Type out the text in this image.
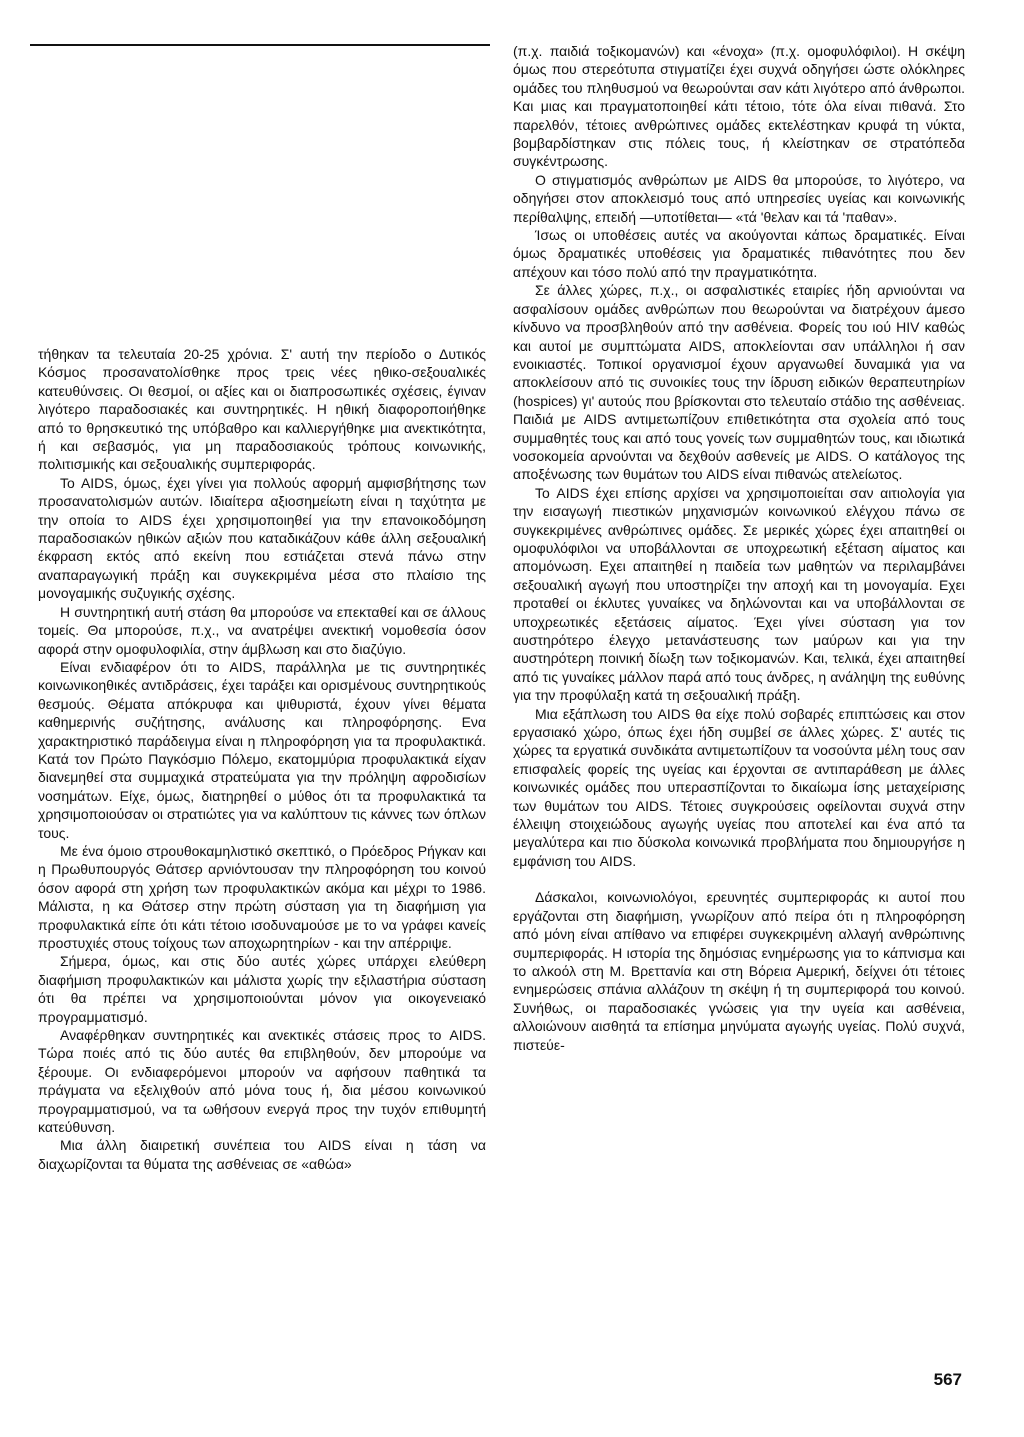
τήθηκαν τα τελευταία 20-25 χρόνια. Σ' αυτή την περίοδο ο Δυτικός Κόσμος προσανατολίσθηκε προς τρεις νέες ηθικο-σεξουαλικές κατευθύνσεις. Οι θεσμοί, οι αξίες και οι διαπροσωπικές σχέσεις, έγιναν λιγότερο παραδοσιακές και συντηρητικές. Η ηθική διαφοροποιήθηκε από το θρησκευτικό της υπόβαθρο και καλλιεργήθηκε μια ανεκτικότητα, ή και σεβασμός, για μη παραδοσιακούς τρόπους κοινωνικής, πολιτισμικής και σεξουαλικής συμπεριφοράς.

Το AIDS, όμως, έχει γίνει για πολλούς αφορμή αμφισβήτησης των προσανατολισμών αυτών. Ιδιαίτερα αξιοσημείωτη είναι η ταχύτητα με την οποία το AIDS έχει χρησιμοποιηθεί για την επανοικοδόμηση παραδοσιακών ηθικών αξιών που καταδικάζουν κάθε άλλη σεξουαλική έκφραση εκτός από εκείνη που εστιάζεται στενά πάνω στην αναπαραγωγική πράξη και συγκεκριμένα μέσα στο πλαίσιο της μονογαμικής συζυγικής σχέσης.

Η συντηρητική αυτή στάση θα μπορούσε να επεκταθεί και σε άλλους τομείς. Θα μπορούσε, π.χ., να ανατρέψει ανεκτική νομοθεσία όσον αφορά στην ομοφυλοφιλία, στην άμβλωση και στο διαζύγιο.

Είναι ενδιαφέρον ότι το AIDS, παράλληλα με τις συντηρητικές κοινωνικοηθικές αντιδράσεις, έχει ταράξει και ορισμένους συντηρητικούς θεσμούς. Θέματα απόκρυφα και ψιθυριστά, έχουν γίνει θέματα καθημερινής συζήτησης, ανάλυσης και πληροφόρησης. Ενα χαρακτηριστικό παράδειγμα είναι η πληροφόρηση για τα προφυλακτικά. Κατά τον Πρώτο Παγκόσμιο Πόλεμο, εκατομμύρια προφυλακτικά είχαν διανεμηθεί στα συμμαχικά στρατεύματα για την πρόληψη αφροδισίων νοσημάτων. Είχε, όμως, διατηρηθεί ο μύθος ότι τα προφυλακτικά τα χρησιμοποιούσαν οι στρατιώτες για να καλύπτουν τις κάννες των όπλων τους.

Με ένα όμοιο στρουθοκαμηλιστικό σκεπτικό, ο Πρόεδρος Ρήγκαν και η Πρωθυπουργός Θάτσερ αρνιόντουσαν την πληροφόρηση του κοινού όσον αφορά στη χρήση των προφυλακτικών ακόμα και μέχρι το 1986. Μάλιστα, η κα Θάτσερ στην πρώτη σύσταση για τη διαφήμιση για προφυλακτικά είπε ότι κάτι τέτοιο ισοδυναμούσε με το να γράφει κανείς προστυχιές στους τοίχους των αποχωρητηρίων - και την απέρριψε.

Σήμερα, όμως, και στις δύο αυτές χώρες υπάρχει ελεύθερη διαφήμιση προφυλακτικών και μάλιστα χωρίς την εξιλαστήρια σύσταση ότι θα πρέπει να χρησιμοποιούνται μόνον για οικογενειακό προγραμματισμό.

Αναφέρθηκαν συντηρητικές και ανεκτικές στάσεις προς το AIDS. Τώρα ποιές από τις δύο αυτές θα επιβληθούν, δεν μπορούμε να ξέρουμε. Οι ενδιαφερόμενοι μπορούν να αφήσουν παθητικά τα πράγματα να εξελιχθούν από μόνα τους ή, δια μέσου κοινωνικού προγραμματισμού, να τα ωθήσουν ενεργά προς την τυχόν επιθυμητή κατεύθυνση.

Μια άλλη διαιρετική συνέπεια του AIDS είναι η τάση να διαχωρίζονται τα θύματα της ασθένειας σε «αθώα»

(π.χ. παιδιά τοξικομανών) και «ένοχα» (π.χ. ομοφυλόφιλοι). Η σκέψη όμως που στερεότυπα στιγματίζει έχει συχνά οδηγήσει ώστε ολόκληρες ομάδες του πληθυσμού να θεωρούνται σαν κάτι λιγότερο από άνθρωποι. Και μιας και πραγματοποιηθεί κάτι τέτοιο, τότε όλα είναι πιθανά. Στο παρελθόν, τέτοιες ανθρώπινες ομάδες εκτελέστηκαν κρυφά τη νύκτα, βομβαρδίστηκαν στις πόλεις τους, ή κλείστηκαν σε στρατόπεδα συγκέντρωσης.

Ο στιγματισμός ανθρώπων με AIDS θα μπορούσε, το λιγότερο, να οδηγήσει στον αποκλεισμό τους από υπηρεσίες υγείας και κοινωνικής περίθαλψης, επειδή —υποτίθεται— «τά 'θελαν και τά 'παθαν».

Ίσως οι υποθέσεις αυτές να ακούγονται κάπως δραματικές. Είναι όμως δραματικές υποθέσεις για δραματικές πιθανότητες που δεν απέχουν και τόσο πολύ από την πραγματικότητα.

Σε άλλες χώρες, π.χ., οι ασφαλιστικές εταιρίες ήδη αρνιούνται να ασφαλίσουν ομάδες ανθρώπων που θεωρούνται να διατρέχουν άμεσο κίνδυνο να προσβληθούν από την ασθένεια. Φορείς του ιού HIV καθώς και αυτοί με συμπτώματα AIDS, αποκλείονται σαν υπάλληλοι ή σαν ενοικιαστές. Τοπικοί οργανισμοί έχουν αργανωθεί δυναμικά για να αποκλείσουν από τις συνοικίες τους την ίδρυση ειδικών θεραπευτηρίων (hospices) γι' αυτούς που βρίσκονται στο τελευταίο στάδιο της ασθένειας. Παιδιά με AIDS αντιμετωπίζουν επιθετικότητα στα σχολεία από τους συμμαθητές τους και από τους γονείς των συμμαθητών τους, και ιδιωτικά νοσοκομεία αρνούνται να δεχθούν ασθενείς με AIDS. Ο κατάλογος της αποξένωσης των θυμάτων του AIDS είναι πιθανώς ατελείωτος.

Το AIDS έχει επίσης αρχίσει να χρησιμοποιείται σαν αιτιολογία για την εισαγωγή πιεστικών μηχανισμών κοινωνικού ελέγχου πάνω σε συγκεκριμένες ανθρώπινες ομάδες. Σε μερικές χώρες έχει απαιτηθεί οι ομοφυλόφιλοι να υποβάλλονται σε υποχρεωτική εξέταση αίματος και απομόνωση. Εχει απαιτηθεί η παιδεία των μαθητών να περιλαμβάνει σεξουαλική αγωγή που υποστηρίζει την αποχή και τη μονογαμία. Εχει προταθεί οι έκλυτες γυναίκες να δηλώνονται και να υποβάλλονται σε υποχρεωτικές εξετάσεις αίματος. Έχει γίνει σύσταση για τον αυστηρότερο έλεγχο μετανάστευσης των μαύρων και για την αυστηρότερη ποινική δίωξη των τοξικομανών. Και, τελικά, έχει απαιτηθεί από τις γυναίκες μάλλον παρά από τους άνδρες, η ανάληψη της ευθύνης για την προφύλαξη κατά τη σεξουαλική πράξη.

Μια εξάπλωση του AIDS θα είχε πολύ σοβαρές επιπτώσεις και στον εργασιακό χώρο, όπως έχει ήδη συμβεί σε άλλες χώρες. Σ' αυτές τις χώρες τα εργατικά συνδικάτα αντιμετωπίζουν τα νοσούντα μέλη τους σαν επισφαλείς φορείς της υγείας και έρχονται σε αντιπαράθεση με άλλες κοινωνικές ομάδες που υπερασπίζονται το δικαίωμα ίσης μεταχείρισης των θυμάτων του AIDS. Τέτοιες συγκρούσεις οφείλονται συχνά στην έλλειψη στοιχειώδους αγωγής υγείας που αποτελεί και ένα από τα μεγαλύτερα και πιο δύσκολα κοινωνικά προβλήματα που δημιουργήσε η εμφάνιση του AIDS.

Δάσκαλοι, κοινωνιολόγοι, ερευνητές συμπεριφοράς κι αυτοί που εργάζονται στη διαφήμιση, γνωρίζουν από πείρα ότι η πληροφόρηση από μόνη είναι απίθανο να επιφέρει συγκεκριμένη αλλαγή ανθρώπινης συμπεριφοράς. Η ιστορία της δημόσιας ενημέρωσης για το κάπνισμα και το αλκοόλ στη Μ. Βρεττανία και στη Βόρεια Αμερική, δείχνει ότι τέτοιες ενημερώσεις σπάνια αλλάζουν τη σκέψη ή τη συμπεριφορά του κοινού. Συνήθως, οι παραδοσιακές γνώσεις για την υγεία και ασθένεια, αλλοιώνουν αισθητά τα επίσημα μηνύματα αγωγής υγείας. Πολύ συχνά, πιστεύε-

567
